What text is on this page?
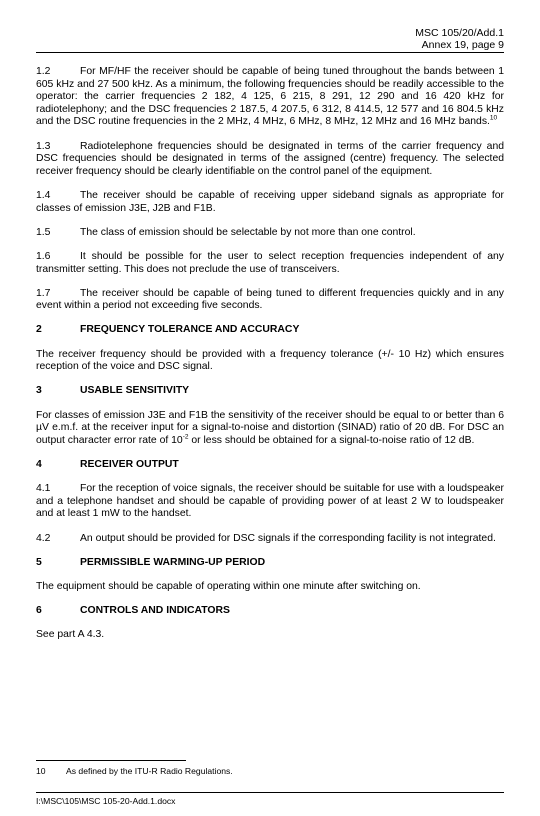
MSC 105/20/Add.1
Annex 19, page 9

1.2	For MF/HF the receiver should be capable of being tuned throughout the bands between 1 605 kHz and 27 500 kHz. As a minimum, the following frequencies should be readily accessible to the operator: the carrier frequencies 2 182, 4 125, 6 215, 8 291, 12 290 and 16 420 kHz for radiotelephony; and the DSC frequencies 2 187.5, 4 207.5, 6 312, 8 414.5, 12 577 and 16 804.5 kHz and the DSC routine frequencies in the 2 MHz, 4 MHz, 6 MHz, 8 MHz, 12 MHz and 16 MHz bands.$^{10}$

1.3	Radiotelephone frequencies should be designated in terms of the carrier frequency and DSC frequencies should be designated in terms of the assigned (centre) frequency. The selected receiver frequency should be clearly identifiable on the control panel of the equipment.

1.4	The receiver should be capable of receiving upper sideband signals as appropriate for classes of emission J3E, J2B and F1B.

1.5	The class of emission should be selectable by not more than one control.

1.6	It should be possible for the user to select reception frequencies independent of any transmitter setting. This does not preclude the use of transceivers.

1.7	The receiver should be capable of being tuned to different frequencies quickly and in any event within a period not exceeding five seconds.

2	FREQUENCY TOLERANCE AND ACCURACY

The receiver frequency should be provided with a frequency tolerance (+/- 10 Hz) which ensures reception of the voice and DSC signal.

3	USABLE SENSITIVITY

For classes of emission J3E and F1B the sensitivity of the receiver should be equal to or better than 6 µV e.m.f. at the receiver input for a signal-to-noise and distortion (SINAD) ratio of 20 dB. For DSC an output character error rate of $10^{-2}$ or less should be obtained for a signal-to-noise ratio of 12 dB.

4	RECEIVER OUTPUT

4.1	For the reception of voice signals, the receiver should be suitable for use with a loudspeaker and a telephone handset and should be capable of providing power of at least 2 W to loudspeaker and at least 1 mW to the handset.

4.2	An output should be provided for DSC signals if the corresponding facility is not integrated.

5	PERMISSIBLE WARMING-UP PERIOD

The equipment should be capable of operating within one minute after switching on.

6	CONTROLS AND INDICATORS

See part A 4.3.

10 As defined by the ITU-R Radio Regulations.
I:\MSC\105\MSC 105-20-Add.1.docx
